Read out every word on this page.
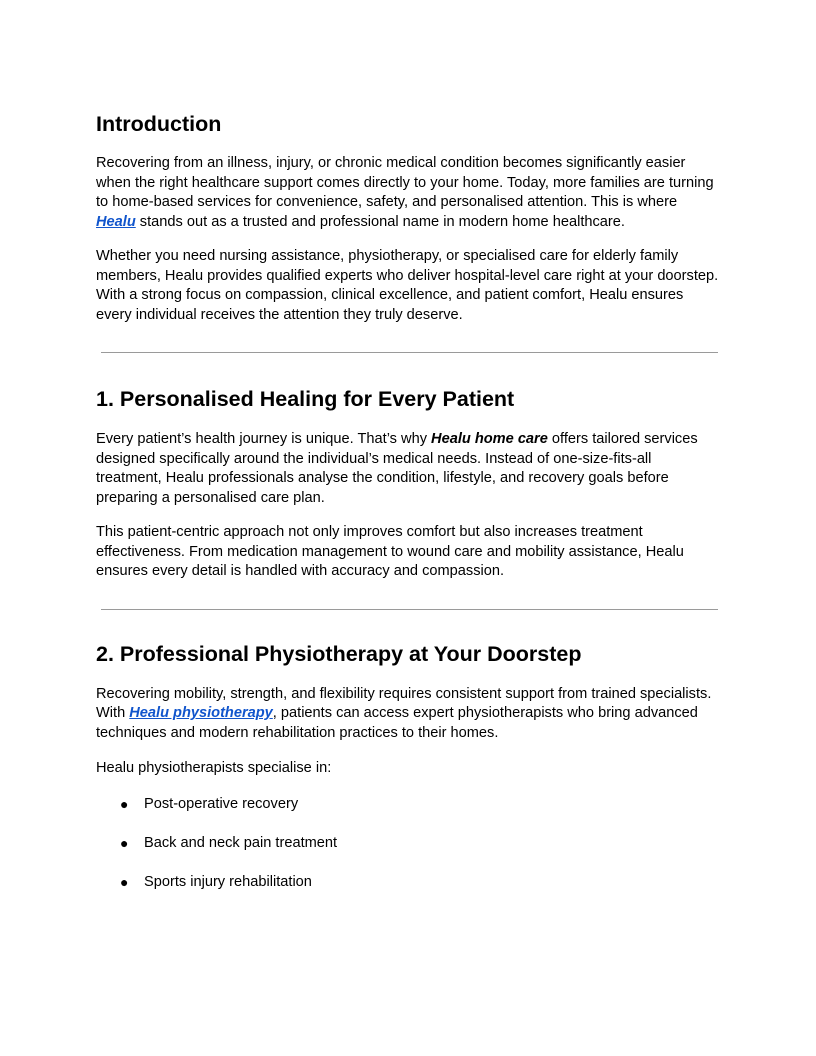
Introduction

Recovering from an illness, injury, or chronic medical condition becomes significantly easier when the right healthcare support comes directly to your home. Today, more families are turning to home-based services for convenience, safety, and personalised attention. This is where Healu stands out as a trusted and professional name in modern home healthcare.

Whether you need nursing assistance, physiotherapy, or specialised care for elderly family members, Healu provides qualified experts who deliver hospital-level care right at your doorstep. With a strong focus on compassion, clinical excellence, and patient comfort, Healu ensures every individual receives the attention they truly deserve.

1. Personalised Healing for Every Patient

Every patient’s health journey is unique. That’s why Healu home care offers tailored services designed specifically around the individual’s medical needs. Instead of one-size-fits-all treatment, Healu professionals analyse the condition, lifestyle, and recovery goals before preparing a personalised care plan.

This patient-centric approach not only improves comfort but also increases treatment effectiveness. From medication management to wound care and mobility assistance, Healu ensures every detail is handled with accuracy and compassion.

2. Professional Physiotherapy at Your Doorstep

Recovering mobility, strength, and flexibility requires consistent support from trained specialists. With Healu physiotherapy, patients can access expert physiotherapists who bring advanced techniques and modern rehabilitation practices to their homes.

Healu physiotherapists specialise in:

● Post-operative recovery
● Back and neck pain treatment
● Sports injury rehabilitation
